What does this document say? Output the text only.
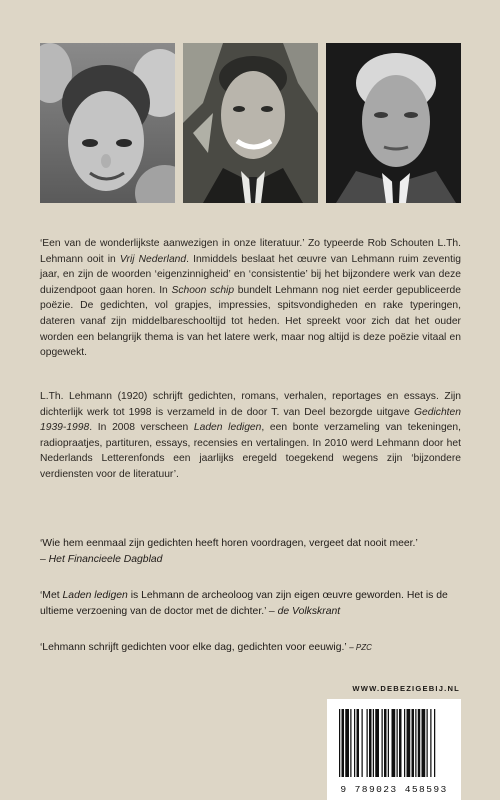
‘Een van de wonderlijkste aanwezigen in onze literatuur.’ Zo typeerde Rob Schouten L.Th. Lehmann ooit in Vrij Nederland. Inmiddels beslaat het œuvre van Lehmann ruim zeventig jaar, en zijn de woorden ‘eigenzinnigheid’ en ‘consistentie’ bij het bijzondere werk van deze duizendpoot gaan horen. In Schoon schip bundelt Lehmann nog niet eerder gepubliceerde poëzie. De gedichten, vol grapjes, impressies, spitsvondigheden en rake typeringen, dateren vanaf zijn middelbareschooltijd tot heden. Het spreekt voor zich dat het ouder worden een belangrijk thema is van het latere werk, maar nog altijd is deze poëzie vitaal en opgewekt.
L.Th. Lehmann (1920) schrijft gedichten, romans, verhalen, reportages en essays. Zijn dichterlijk werk tot 1998 is verzameld in de door T. van Deel bezorgde uitgave Gedichten 1939-1998. In 2008 verscheen Laden ledigen, een bonte verzameling van tekeningen, radiopraatjes, partituren, essays, recensies en vertalingen. In 2010 werd Lehmann door het Nederlands Letterenfonds een jaarlijks eregeld toegekend wegens zijn ‘bijzondere verdiensten voor de literatuur’.
‘Wie hem eenmaal zijn gedichten heeft horen voordragen, vergeet dat nooit meer.’
– Het Financieele Dagblad
‘Met Laden ledigen is Lehmann de archeoloog van zijn eigen œuvre geworden. Het is de ultieme verzoening van de doctor met de dichter.’ – de Volkskrant
‘Lehmann schrijft gedichten voor elke dag, gedichten voor eeuwig.’ – PZC
WWW.DEBEZIGEBIJ.NL
9 789023 458593
